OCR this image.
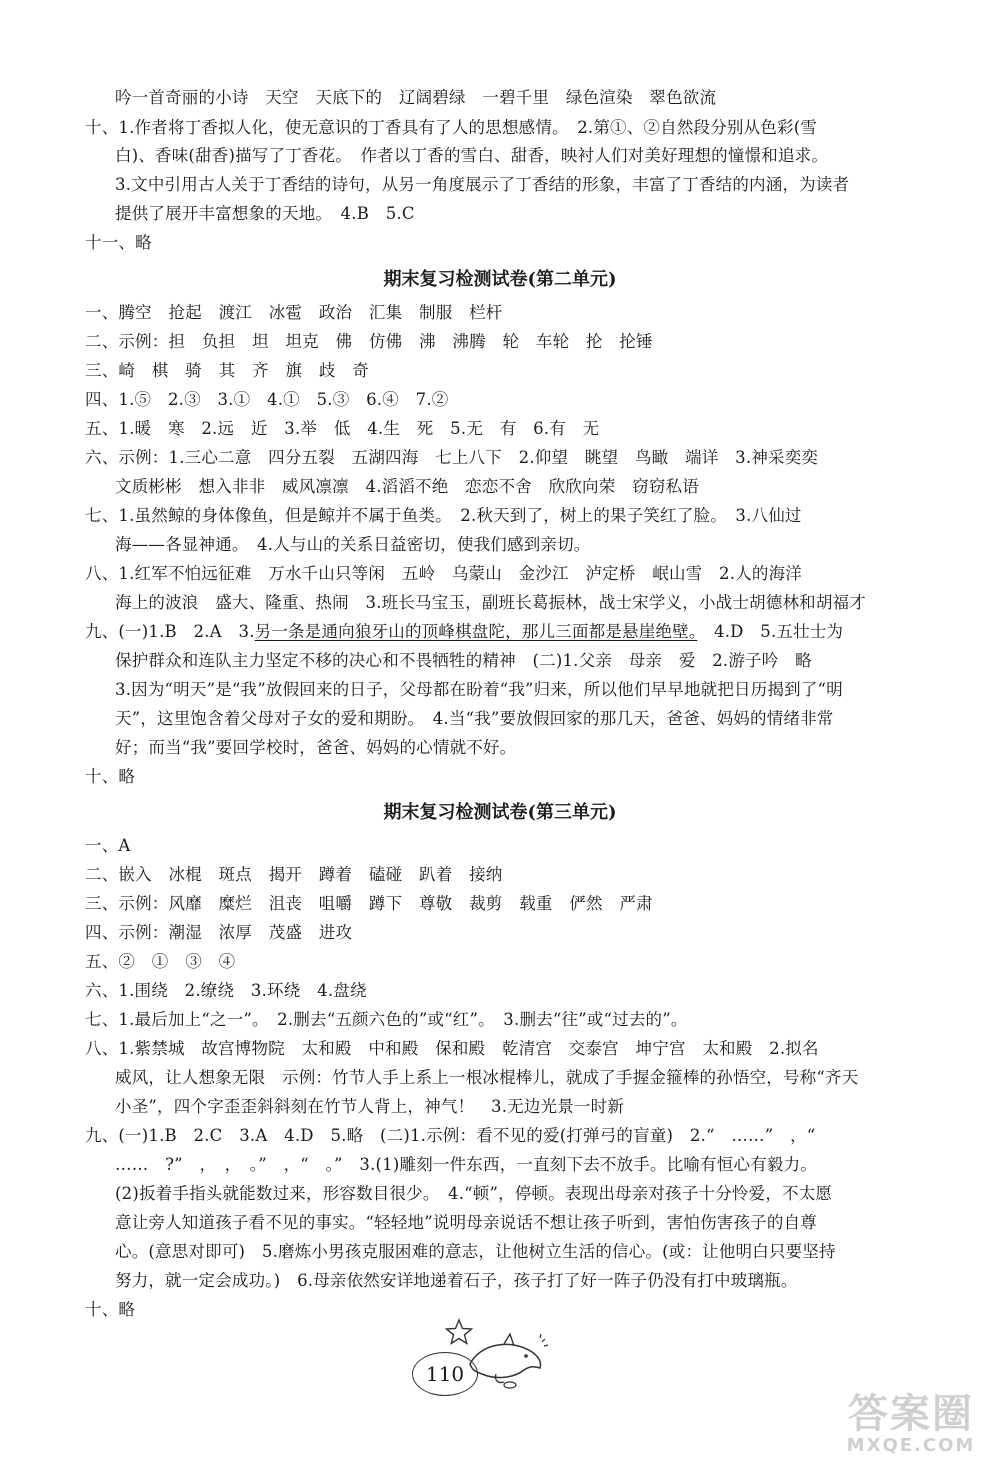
吟一首奇丽的小诗　天空　天底下的　辽阔碧绿　一碧千里　绿色渲染　翠色欲流
十、1.作者将丁香拟人化，使无意识的丁香具有了人的思想感情。　2.第①、②自然段分别从色彩(雪
白)、香味(甜香)描写了丁香花。　作者以丁香的雪白、甜香，映衬人们对美好理想的憧憬和追求。
3.文中引用古人关于丁香结的诗句，从另一角度展示了丁香结的形象，丰富了丁香结的内涵，为读者
提供了展开丰富想象的天地。　4.B　5.C
十一、略
期末复习检测试卷(第二单元)
一、腾空　抢起　渡江　冰雹　政治　汇集　制服　栏杆
二、示例：担　负担　坦　坦克　佛　仿佛　沸　沸腾　轮　车轮　抡　抡锤
三、崎　棋　骑　其　齐　旗　歧　奇
四、1.⑤　2.③　3.①　4.①　5.③　6.④　7.②
五、1.暖　寒　2.远　近　3.举　低　4.生　死　5.无　有　6.有　无
六、示例：1.三心二意　四分五裂　五湖四海　七上八下　2.仰望　眺望　鸟瞰　端详　3.神采奕奕
文质彬彬　想入非非　威风凛凛　4.滔滔不绝　恋恋不舍　欣欣向荣　窃窃私语
七、1.虽然鲸的身体像鱼，但是鲸并不属于鱼类。　2.秋天到了，树上的果子笑红了脸。　3.八仙过
海——各显神通。　4.人与山的关系日益密切，使我们感到亲切。
八、1.红军不怕远征难　万水千山只等闲　五岭　乌蒙山　金沙江　泸定桥　岷山雪　2.人的海洋
海上的波浪　盛大、隆重、热闹　3.班长马宝玉，副班长葛振林，战士宋学义，小战士胡德林和胡福才
九、(一)1.B　2.A　3.另一条是通向狼牙山的顶峰棋盘陀，那儿三面都是悬崖绝壁。　4.D　5.五壮士为
保护群众和连队主力坚定不移的决心和不畏牺牲的精神　(二)1.父亲　母亲　爱　2.游子吟　略
3.因为“明天”是“我”放假回来的日子，父母都在盼着“我”归来，所以他们早早地就把日历揭到了“明
天”，这里饱含着父母对子女的爱和期盼。　4.当“我”要放假回家的那几天，爸爸、妈妈的情绪非常
好；而当“我”要回学校时，爸爸、妈妈的心情就不好。
十、略
期末复习检测试卷(第三单元)
一、A
二、嵌入　冰棍　斑点　揭开　蹲着　磕碰　趴着　接纳
三、示例：风靡　糜烂　沮丧　咀嚼　蹲下　尊敬　裁剪　载重　俨然　严肃
四、示例：潮湿　浓厚　茂盛　进攻
五、②　①　③　④
六、1.围绕　2.缭绕　3.环绕　4.盘绕
七、1.最后加上“之一”。　2.删去“五颜六色的”或“红”。　3.删去“往”或“过去的”。
八、1.紫禁城　故宫博物院　太和殿　中和殿　保和殿　乾清宫　交泰宫　坤宁宫　太和殿　2.拟名
威风，让人想象无限　示例：竹节人手上系上一根冰棍棒儿，就成了手握金箍棒的孙悟空，号称“齐天
小圣”，四个字歪歪斜斜刻在竹节人背上，神气！　3.无边光景一时新
九、(一)1.B　2.C　3.A　4.D　5.略　(二)1.示例：看不见的爱(打弹弓的盲童)　2.“　……”　，“
……　?”　，　，　。”　，“　。”　3.(1)雕刻一件东西，一直刻下去不放手。比喻有恒心有毅力。
(2)扳着手指头就能数过来，形容数目很少。　4.“顿”，停顿。表现出母亲对孩子十分怜爱，不太愿
意让旁人知道孩子看不见的事实。“轻轻地”说明母亲说话不想让孩子听到，害怕伤害孩子的自尊
心。(意思对即可)　5.磨炼小男孩克服困难的意志，让他树立生活的信心。(或：让他明白只要坚持
努力，就一定会成功。)　6.母亲依然安详地递着石子，孩子打了好一阵子仍没有打中玻璃瓶。
十、略
110
答案圈
MXQE.COM
